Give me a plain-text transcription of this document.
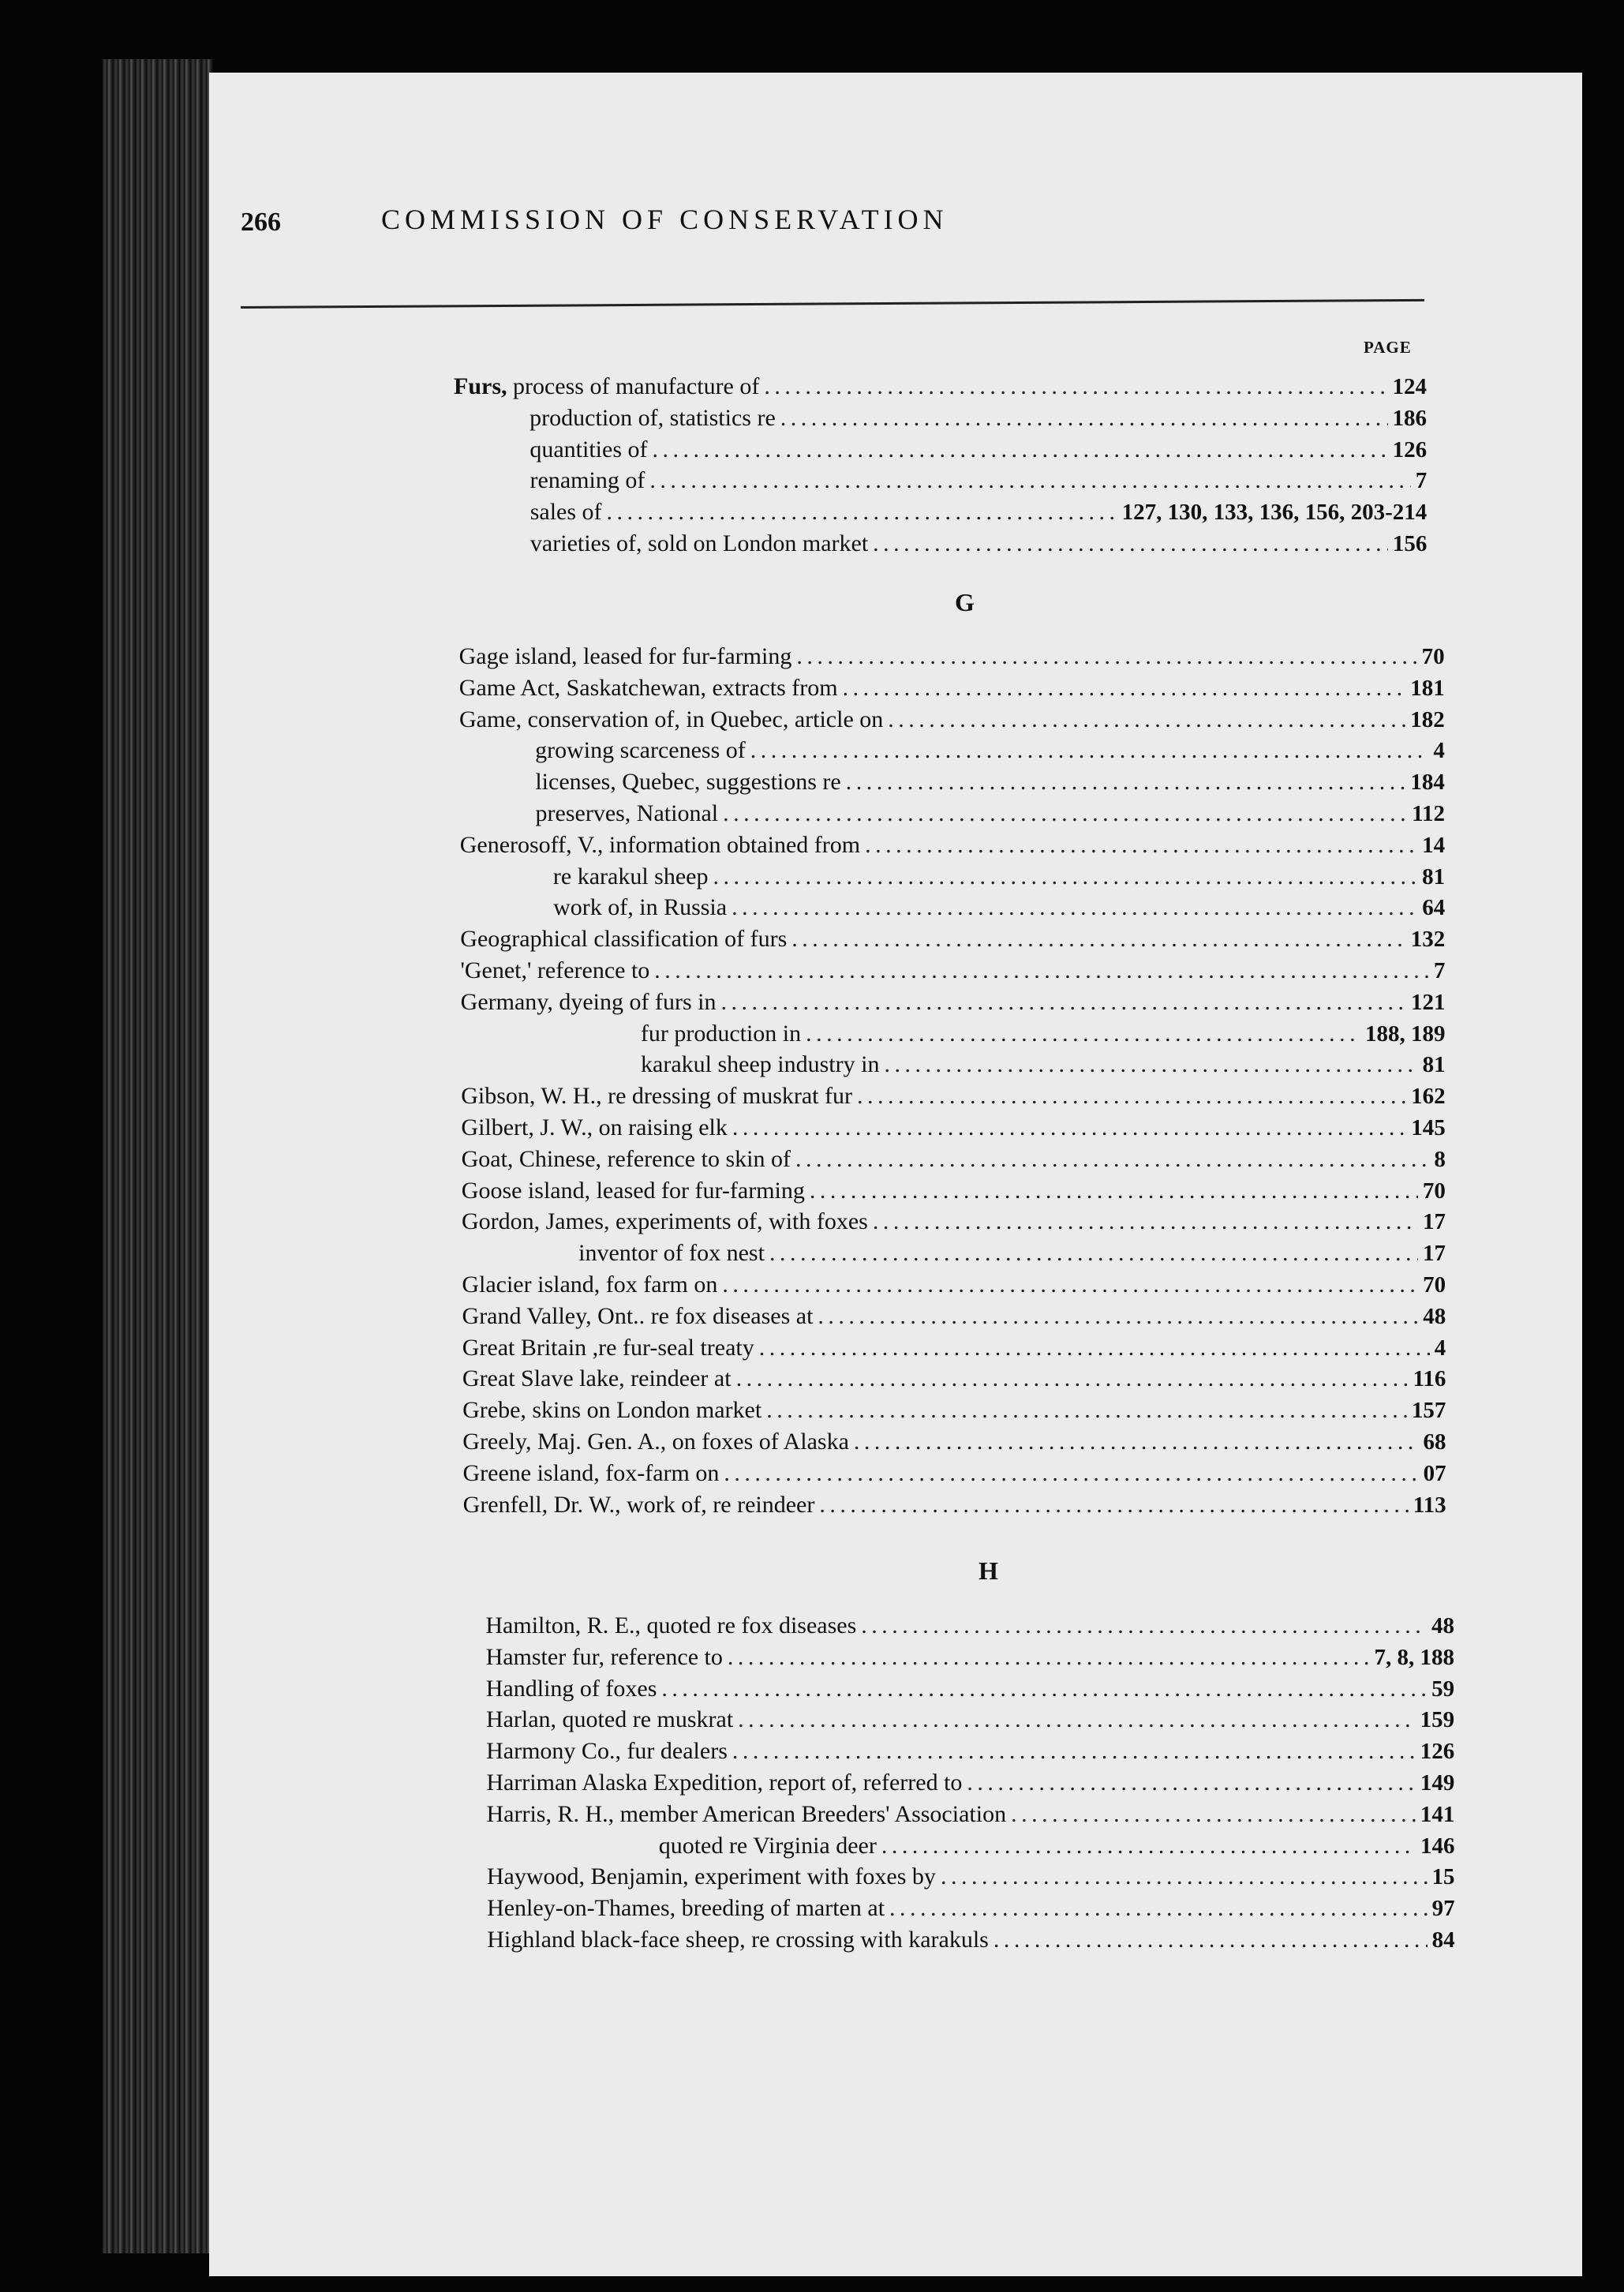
266	COMMISSION OF CONSERVATION
PAGE
Furs, process of manufacture of . . .	124
production of, statistics re . . .	186
quantities of . . .	126
renaming of . . .	7
sales of . . .	127, 130, 133, 136, 156, 203-214
varieties of, sold on London market . . .	156
G
Gage island, leased for fur-farming . . .	70
Game Act, Saskatchewan, extracts from . . .	181
Game, conservation of, in Quebec, article on . . .	182
growing scarceness of . . .	4
licenses, Quebec, suggestions re . . .	184
preserves, National . . .	112
Generosoff, V., information obtained from . . .	14
re karakul sheep . . .	81
work of, in Russia . . .	64
Geographical classification of furs . . .	132
'Genet,' reference to . . .	7
Germany, dyeing of furs in . . .	121
fur production in . . .	188, 189
karakul sheep industry in . . .	81
Gibson, W. H., re dressing of muskrat fur . . .	162
Gilbert, J. W., on raising elk . . .	145
Goat, Chinese, reference to skin of . . .	8
Goose island, leased for fur-farming . . .	70
Gordon, James, experiments of, with foxes . . .	17
inventor of fox nest . . .	17
Glacier island, fox farm on . . .	70
Grand Valley, Ont.. re fox diseases at . . .	48
Great Britain ,re fur-seal treaty . . .	4
Great Slave lake, reindeer at . . .	116
Grebe, skins on London market . . .	157
Greely, Maj. Gen. A., on foxes of Alaska . . .	68
Greene island, fox-farm on . . .	07
Grenfell, Dr. W., work of, re reindeer . . .	113
H
Hamilton, R. E., quoted re fox diseases . . .	48
Hamster fur, reference to . . .	7, 8, 188
Handling of foxes . . .	59
Harlan, quoted re muskrat . . .	159
Harmony Co., fur dealers . . .	126
Harriman Alaska Expedition, report of, referred to . . .	149
Harris, R. H., member American Breeders' Association . . .	141
quoted re Virginia deer . . .	146
Haywood, Benjamin, experiment with foxes by . . .	15
Henley-on-Thames, breeding of marten at . . .	97
Highland black-face sheep, re crossing with karakuls . . .	84
